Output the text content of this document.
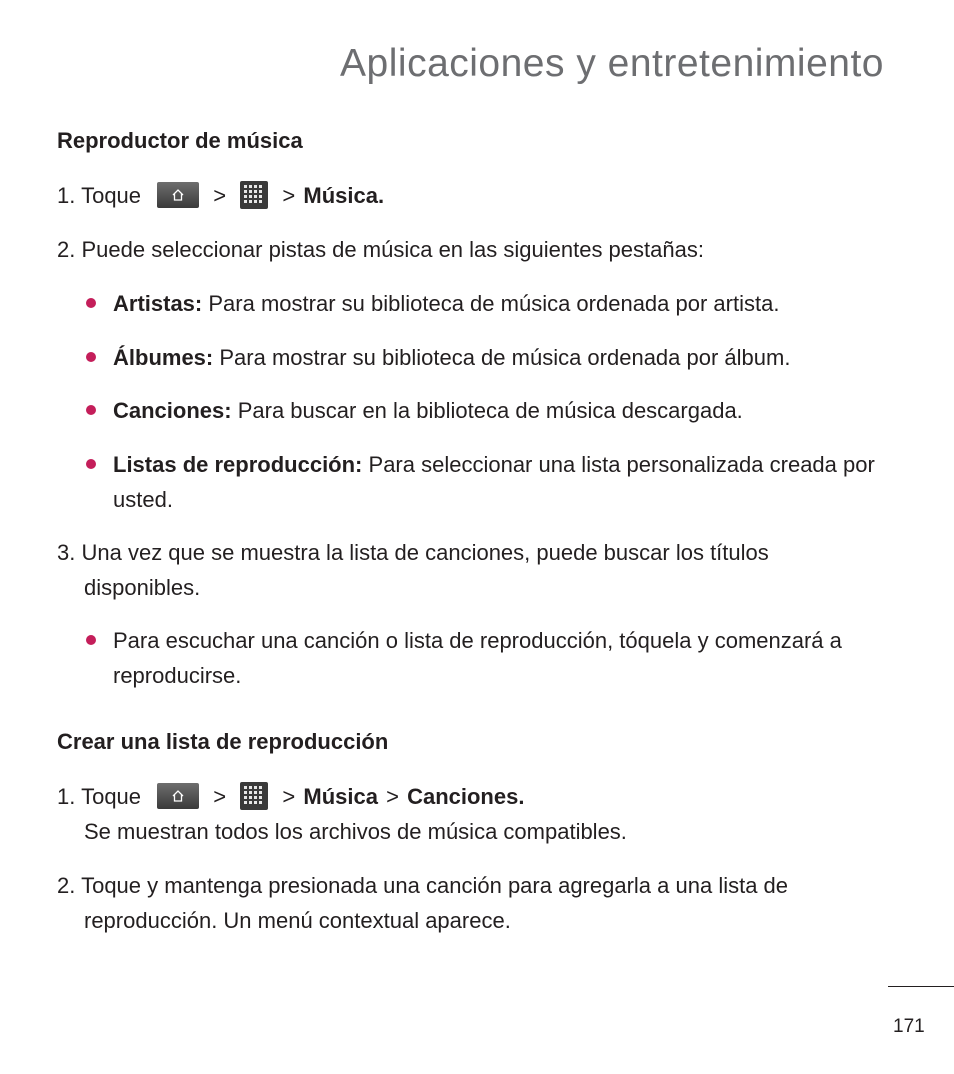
Aplicaciones y entretenimiento
Reproductor de música
1. Toque	>	> Música.
2. Puede seleccionar pistas de música en las siguientes pestañas:
Artistas: Para mostrar su biblioteca de música ordenada por artista.
Álbumes: Para mostrar su biblioteca de música ordenada por álbum.
Canciones: Para buscar en la biblioteca de música descargada.
Listas de reproducción: Para seleccionar una lista personalizada creada por
usted.
3. Una vez que se muestra la lista de canciones, puede buscar los títulos
disponibles.
Para escuchar una canción o lista de reproducción, tóquela y comenzará a
reproducirse.
Crear una lista de reproducción
1. Toque	>	> Música > Canciones.
Se muestran todos los archivos de música compatibles.
2. Toque y mantenga presionada una canción para agregarla a una lista de
reproducción. Un menú contextual aparece.
171
